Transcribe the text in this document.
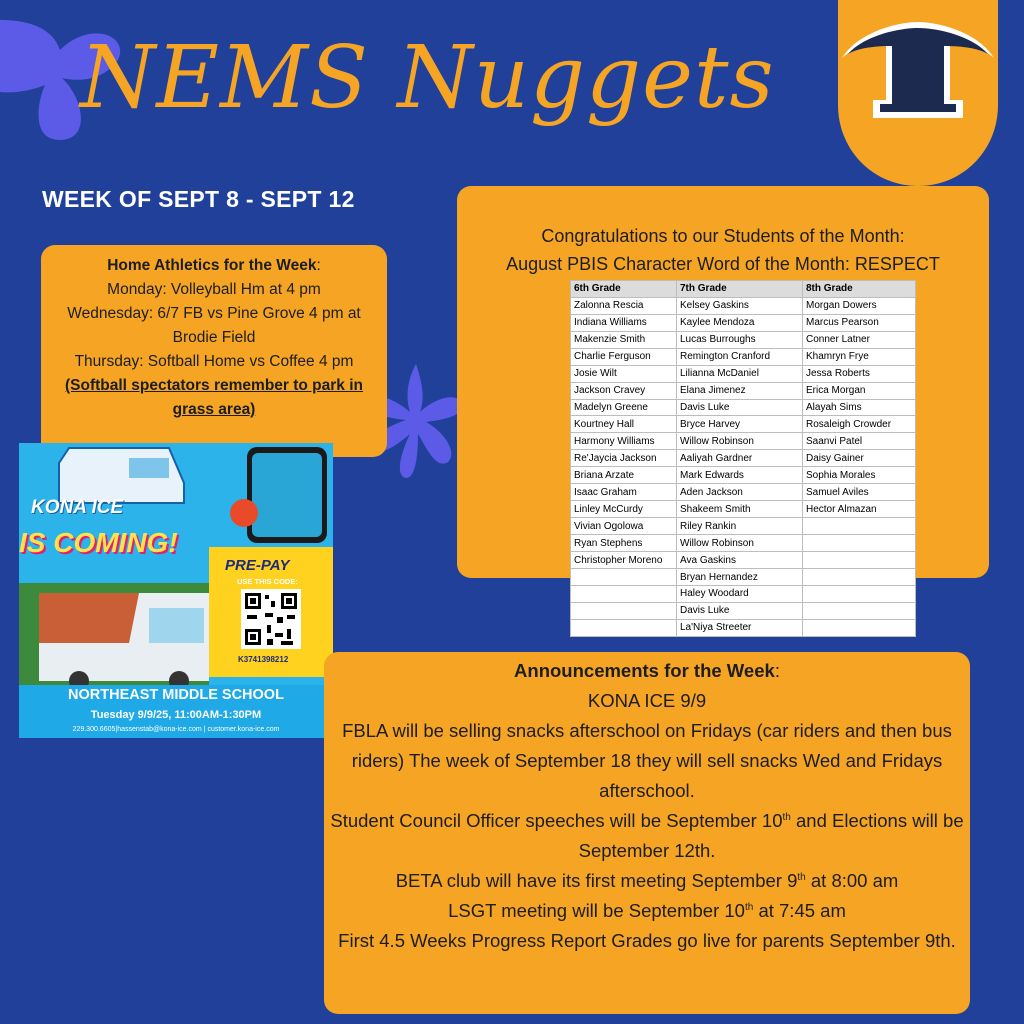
NEMS Nuggets
WEEK OF SEPT 8 - SEPT 12
Home Athletics for the Week:
Monday: Volleyball Hm at 4 pm
Wednesday: 6/7 FB vs Pine Grove 4 pm at Brodie Field
Thursday: Softball Home vs Coffee 4 pm
(Softball spectators remember to park in grass area)
Congratulations to our Students of the Month:
August PBIS Character Word of the Month: RESPECT
6th Grade	7th Grade	8th Grade
Zalonna Rescia	Kelsey Gaskins	Morgan Dowers
Indiana Williams	Kaylee Mendoza	Marcus Pearson
Makenzie Smith	Lucas Burroughs	Conner Latner
Charlie Ferguson	Remington Cranford	Khamryn Frye
Josie Wilt	Lilianna McDaniel	Jessa Roberts
Jackson Cravey	Elana Jimenez	Erica Morgan
Madelyn Greene	Davis Luke	Alayah Sims
Kourtney Hall	Bryce Harvey	Rosaleigh Crowder
Harmony Williams	Willow Robinson	Saanvi Patel
Re'Jaycia Jackson	Aaliyah Gardner	Daisy Gainer
Briana Arzate	Mark Edwards	Sophia Morales
Isaac Graham	Aden Jackson	Samuel Aviles
Linley McCurdy	Shakeem Smith	Hector Almazan
Vivian Ogolowa	Riley Rankin	
Ryan Stephens	Willow Robinson	
Christopher Moreno	Ava Gaskins	
	Bryan Hernandez	
	Haley Woodard	
	Davis Luke	
	La'Niya Streeter	
KONA ICE
IS COMING!
PRE-PAY
USE THIS CODE:
K3741398212
NORTHEAST MIDDLE SCHOOL
Tuesday 9/9/25, 11:00AM-1:30PM
229.300.6605|hassenstab@kona-ice.com | customer.kona-ice.com
Announcements for the Week:
KONA ICE 9/9
FBLA will be selling snacks afterschool on Fridays (car riders and then bus riders) The week of September 18 they will sell snacks Wed and Fridays afterschool.
Student Council Officer speeches will be September 10th and Elections will be September 12th.
BETA club will have its first meeting September 9th at 8:00 am
LSGT meeting will be September 10th at 7:45 am
First 4.5 Weeks Progress Report Grades go live for parents September 9th.
